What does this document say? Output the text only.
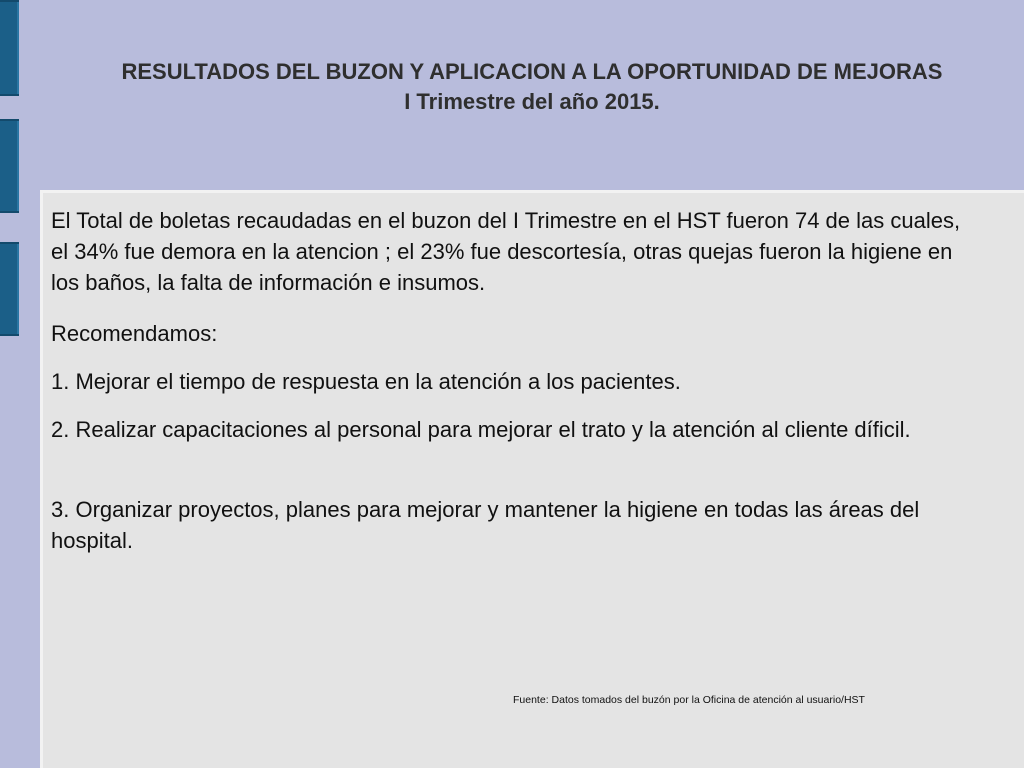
RESULTADOS DEL BUZON Y APLICACION A LA OPORTUNIDAD DE MEJORAS
I Trimestre del año 2015.

El Total de boletas recaudadas en el buzon del I Trimestre en el HST fueron 74 de las cuales, el 34% fue demora en la atencion ; el 23% fue descortesía, otras quejas fueron la higiene en los baños, la falta de información e insumos.

Recomendamos:

1. Mejorar el tiempo de respuesta en la atención a los pacientes.

2. Realizar capacitaciones al personal para mejorar el trato y la atención al cliente díficil.

3. Organizar proyectos, planes para mejorar y mantener la higiene en todas las áreas del hospital.

Fuente: Datos tomados del buzón por la Oficina de atención al usuario/HST
